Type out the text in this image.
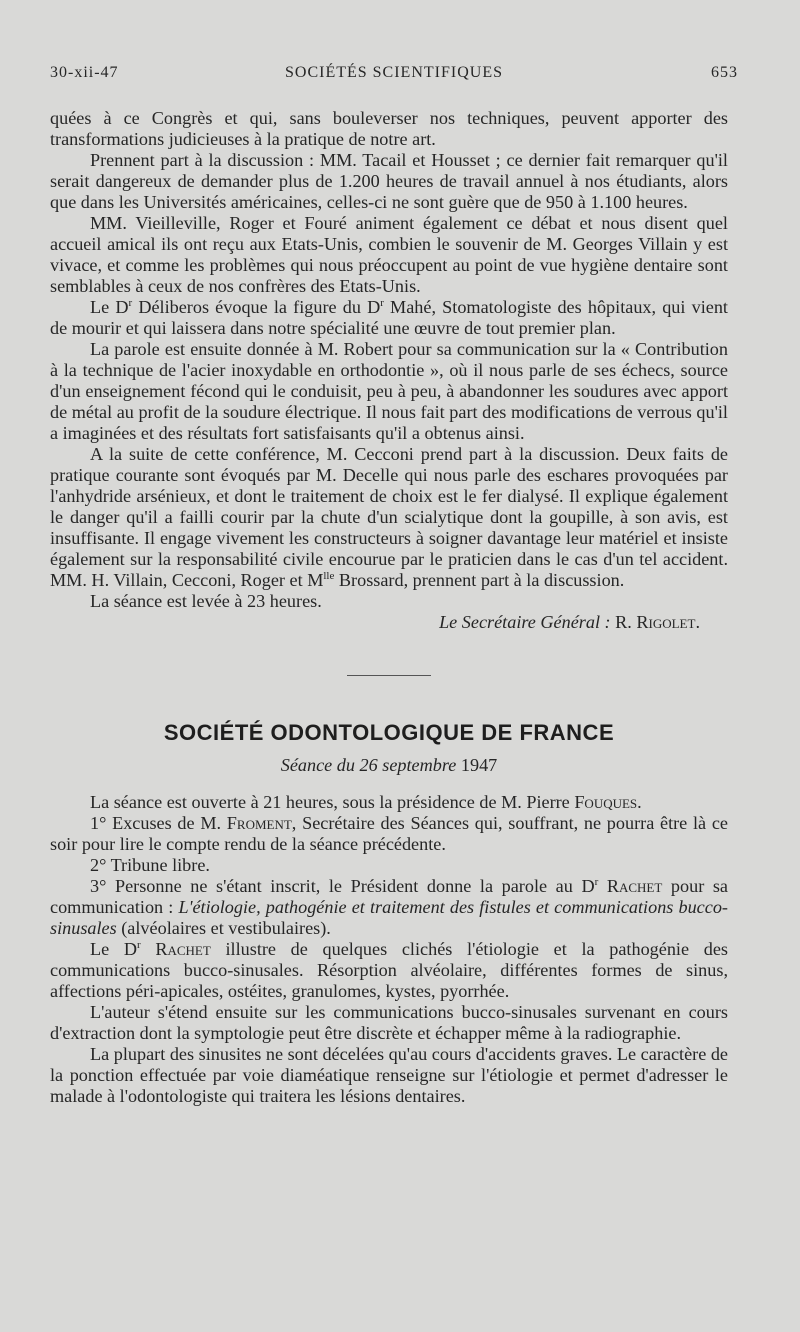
30-xii-47	SOCIÉTÉS SCIENTIFIQUES	653

quées à ce Congrès et qui, sans bouleverser nos techniques, peuvent apporter des transformations judicieuses à la pratique de notre art.

Prennent part à la discussion : MM. Tacail et Housset ; ce dernier fait remarquer qu'il serait dangereux de demander plus de 1.200 heures de travail annuel à nos étudiants, alors que dans les Universités américaines, celles-ci ne sont guère que de 950 à 1.100 heures.

MM. Vieilleville, Roger et Fouré animent également ce débat et nous disent quel accueil amical ils ont reçu aux Etats-Unis, combien le souvenir de M. Georges Villain y est vivace, et comme les problèmes qui nous préoccupent au point de vue hygiène dentaire sont semblables à ceux de nos confrères des Etats-Unis.

Le $D^r$ Déliberos évoque la figure du $D^r$ Mahé, Stomatologiste des hôpitaux, qui vient de mourir et qui laissera dans notre spécialité une œuvre de tout premier plan.

La parole est ensuite donnée à M. Robert pour sa communication sur la « Contribution à la technique de l'acier inoxydable en orthodontie », où il nous parle de ses échecs, source d'un enseignement fécond qui le conduisit, peu à peu, à abandonner les soudures avec apport de métal au profit de la soudure électrique. Il nous fait part des modifications de verrous qu'il a imaginées et des résultats fort satisfaisants qu'il a obtenus ainsi.

A la suite de cette conférence, M. Cecconi prend part à la discussion. Deux faits de pratique courante sont évoqués par M. Decelle qui nous parle des eschares provoquées par l'anhydride arsénieux, et dont le traitement de choix est le fer dialysé. Il explique également le danger qu'il a failli courir par la chute d'un scialytique dont la goupille, à son avis, est insuffisante. Il engage vivement les constructeurs à soigner davantage leur matériel et insiste également sur la responsabilité civile encourue par le praticien dans le cas d'un tel accident. MM. H. Villain, Cecconi, Roger et $M^{lle}$ Brossard, prennent part à la discussion.

La séance est levée à 23 heures.

Le Secrétaire Général : R. Rigolet.

SOCIÉTÉ ODONTOLOGIQUE DE FRANCE
Séance du 26 septembre 1947

La séance est ouverte à 21 heures, sous la présidence de M. Pierre Fouques.

1° Excuses de M. Froment, Secrétaire des Séances qui, souffrant, ne pourra être là ce soir pour lire le compte rendu de la séance précédente.

2° Tribune libre.

3° Personne ne s'étant inscrit, le Président donne la parole au $D^r$ Rachet pour sa communication : L'étiologie, pathogénie et traitement des fistules et communications bucco-sinusales (alvéolaires et vestibulaires).

Le $D^r$ Rachet illustre de quelques clichés l'étiologie et la pathogénie des communications bucco-sinusales. Résorption alvéolaire, différentes formes de sinus, affections péri-apicales, ostéites, granulomes, kystes, pyorrhée.

L'auteur s'étend ensuite sur les communications bucco-sinusales survenant en cours d'extraction dont la symptologie peut être discrète et échapper même à la radiographie.

La plupart des sinusites ne sont décelées qu'au cours d'accidents graves. Le caractère de la ponction effectuée par voie diaméatique renseigne sur l'étiologie et permet d'adresser le malade à l'odontologiste qui traitera les lésions dentaires.
